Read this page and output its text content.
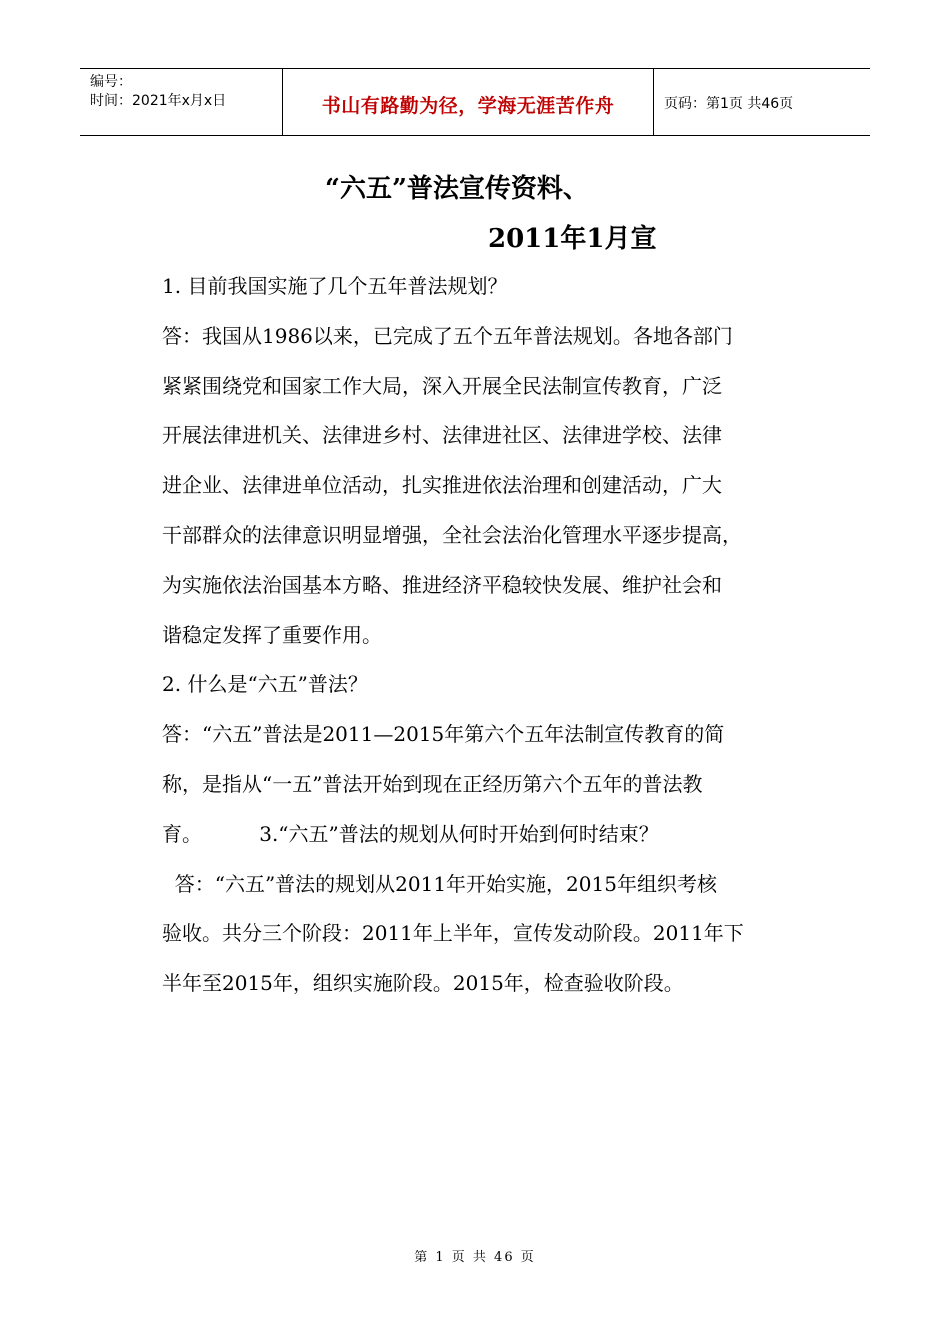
编号：
时间：2021年x月x日	书山有路勤为径，学海无涯苦作舟	页码：第1页 共46页
“六五”普法宣传资料、
2011年1月宣
1. 目前我国实施了几个五年普法规划？
答：我国从1986以来，已完成了五个五年普法规划。各地各部门
紧紧围绕党和国家工作大局，深入开展全民法制宣传教育，广泛
开展法律进机关、法律进乡村、法律进社区、法律进学校、法律
进企业、法律进单位活动，扎实推进依法治理和创建活动，广大
干部群众的法律意识明显增强，全社会法治化管理水平逐步提高，
为实施依法治国基本方略、推进经济平稳较快发展、维护社会和
谐稳定发挥了重要作用。
2. 什么是“六五”普法？
答：“六五”普法是2011—2015年第六个五年法制宣传教育的简
称，是指从“一五”普法开始到现在正经历第六个五年的普法教
育。         3.“六五”普法的规划从何时开始到何时结束？
答：“六五”普法的规划从2011年开始实施，2015年组织考核
验收。共分三个阶段：2011年上半年，宣传发动阶段。2011年下
半年至2015年，组织实施阶段。2015年，检查验收阶段。
第 1 页 共 46 页
